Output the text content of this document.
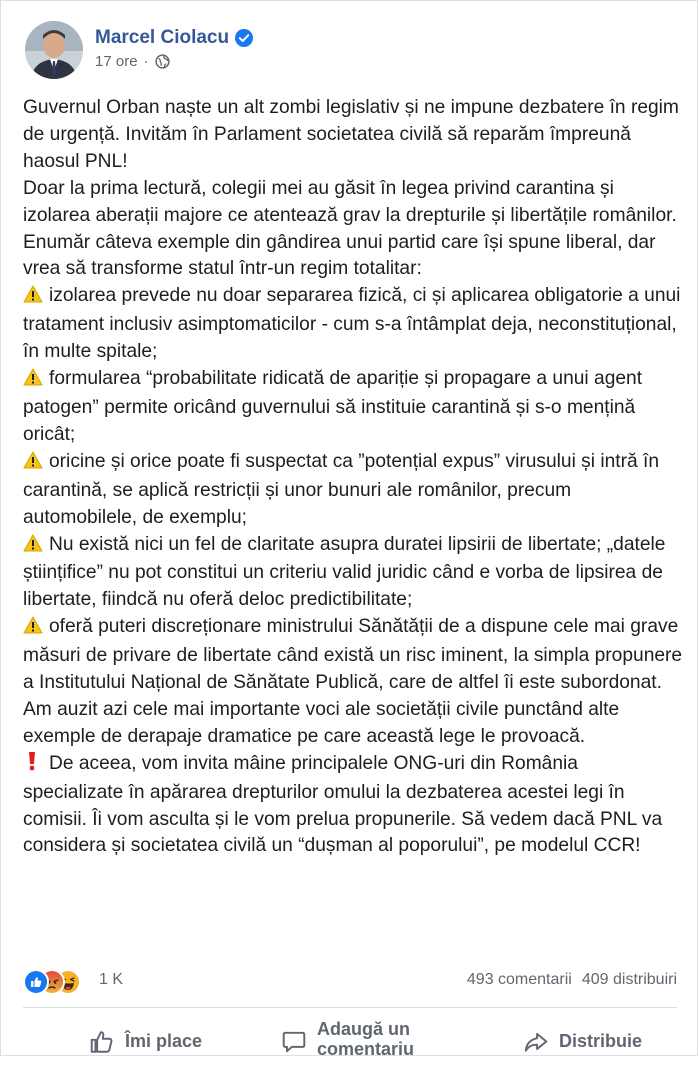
Marcel Ciolacu
17 ore ·

Guvernul Orban naște un alt zombi legislativ și ne impune dezbatere în regim de urgență. Invităm în Parlament societatea civilă să reparăm împreună haosul PNL!

Doar la prima lectură, colegii mei au găsit în legea privind carantina și izolarea aberații majore ce atentează grav la drepturile și libertățile românilor. Enumăr câteva exemple din gândirea unui partid care își spune liberal, dar vrea să transforme statul într-un regim totalitar:

izolarea prevede nu doar separarea fizică, ci și aplicarea obligatorie a unui tratament inclusiv asimptomaticilor - cum s-a întâmplat deja, neconstituțional, în multe spitale;

formularea “probabilitate ridicată de apariție și propagare a unui agent patogen” permite oricând guvernului să instituie carantină și s-o mențină oricât;

oricine și orice poate fi suspectat ca ”potențial expus” virusului și intră în carantină, se aplică restricții și unor bunuri ale românilor, precum automobilele, de exemplu;

Nu există nici un fel de claritate asupra duratei lipsirii de libertate; „datele științifice” nu pot constitui un criteriu valid juridic când e vorba de lipsirea de libertate, fiindcă nu oferă deloc predictibilitate;

oferă puteri discreționare ministrului Sănătății de a dispune cele mai grave măsuri de privare de libertate când există un risc iminent, la simpla propunere a Institutului Național de Sănătate Publică, care de altfel îi este subordonat.

Am auzit azi cele mai importante voci ale societății civile punctând alte exemple de derapaje dramatice pe care această lege le provoacă.

De aceea, vom invita mâine principalele ONG-uri din România specializate în apărarea drepturilor omului la dezbaterea acestei legi în comisii. Îi vom asculta și le vom prelua propunerile. Să vedem dacă PNL va considera și societatea civilă un “dușman al poporului”, pe modelul CCR!

1 K	493 comentarii 409 distribuiri
Îmi place
Adaugă un
comentariu	Distribuie
